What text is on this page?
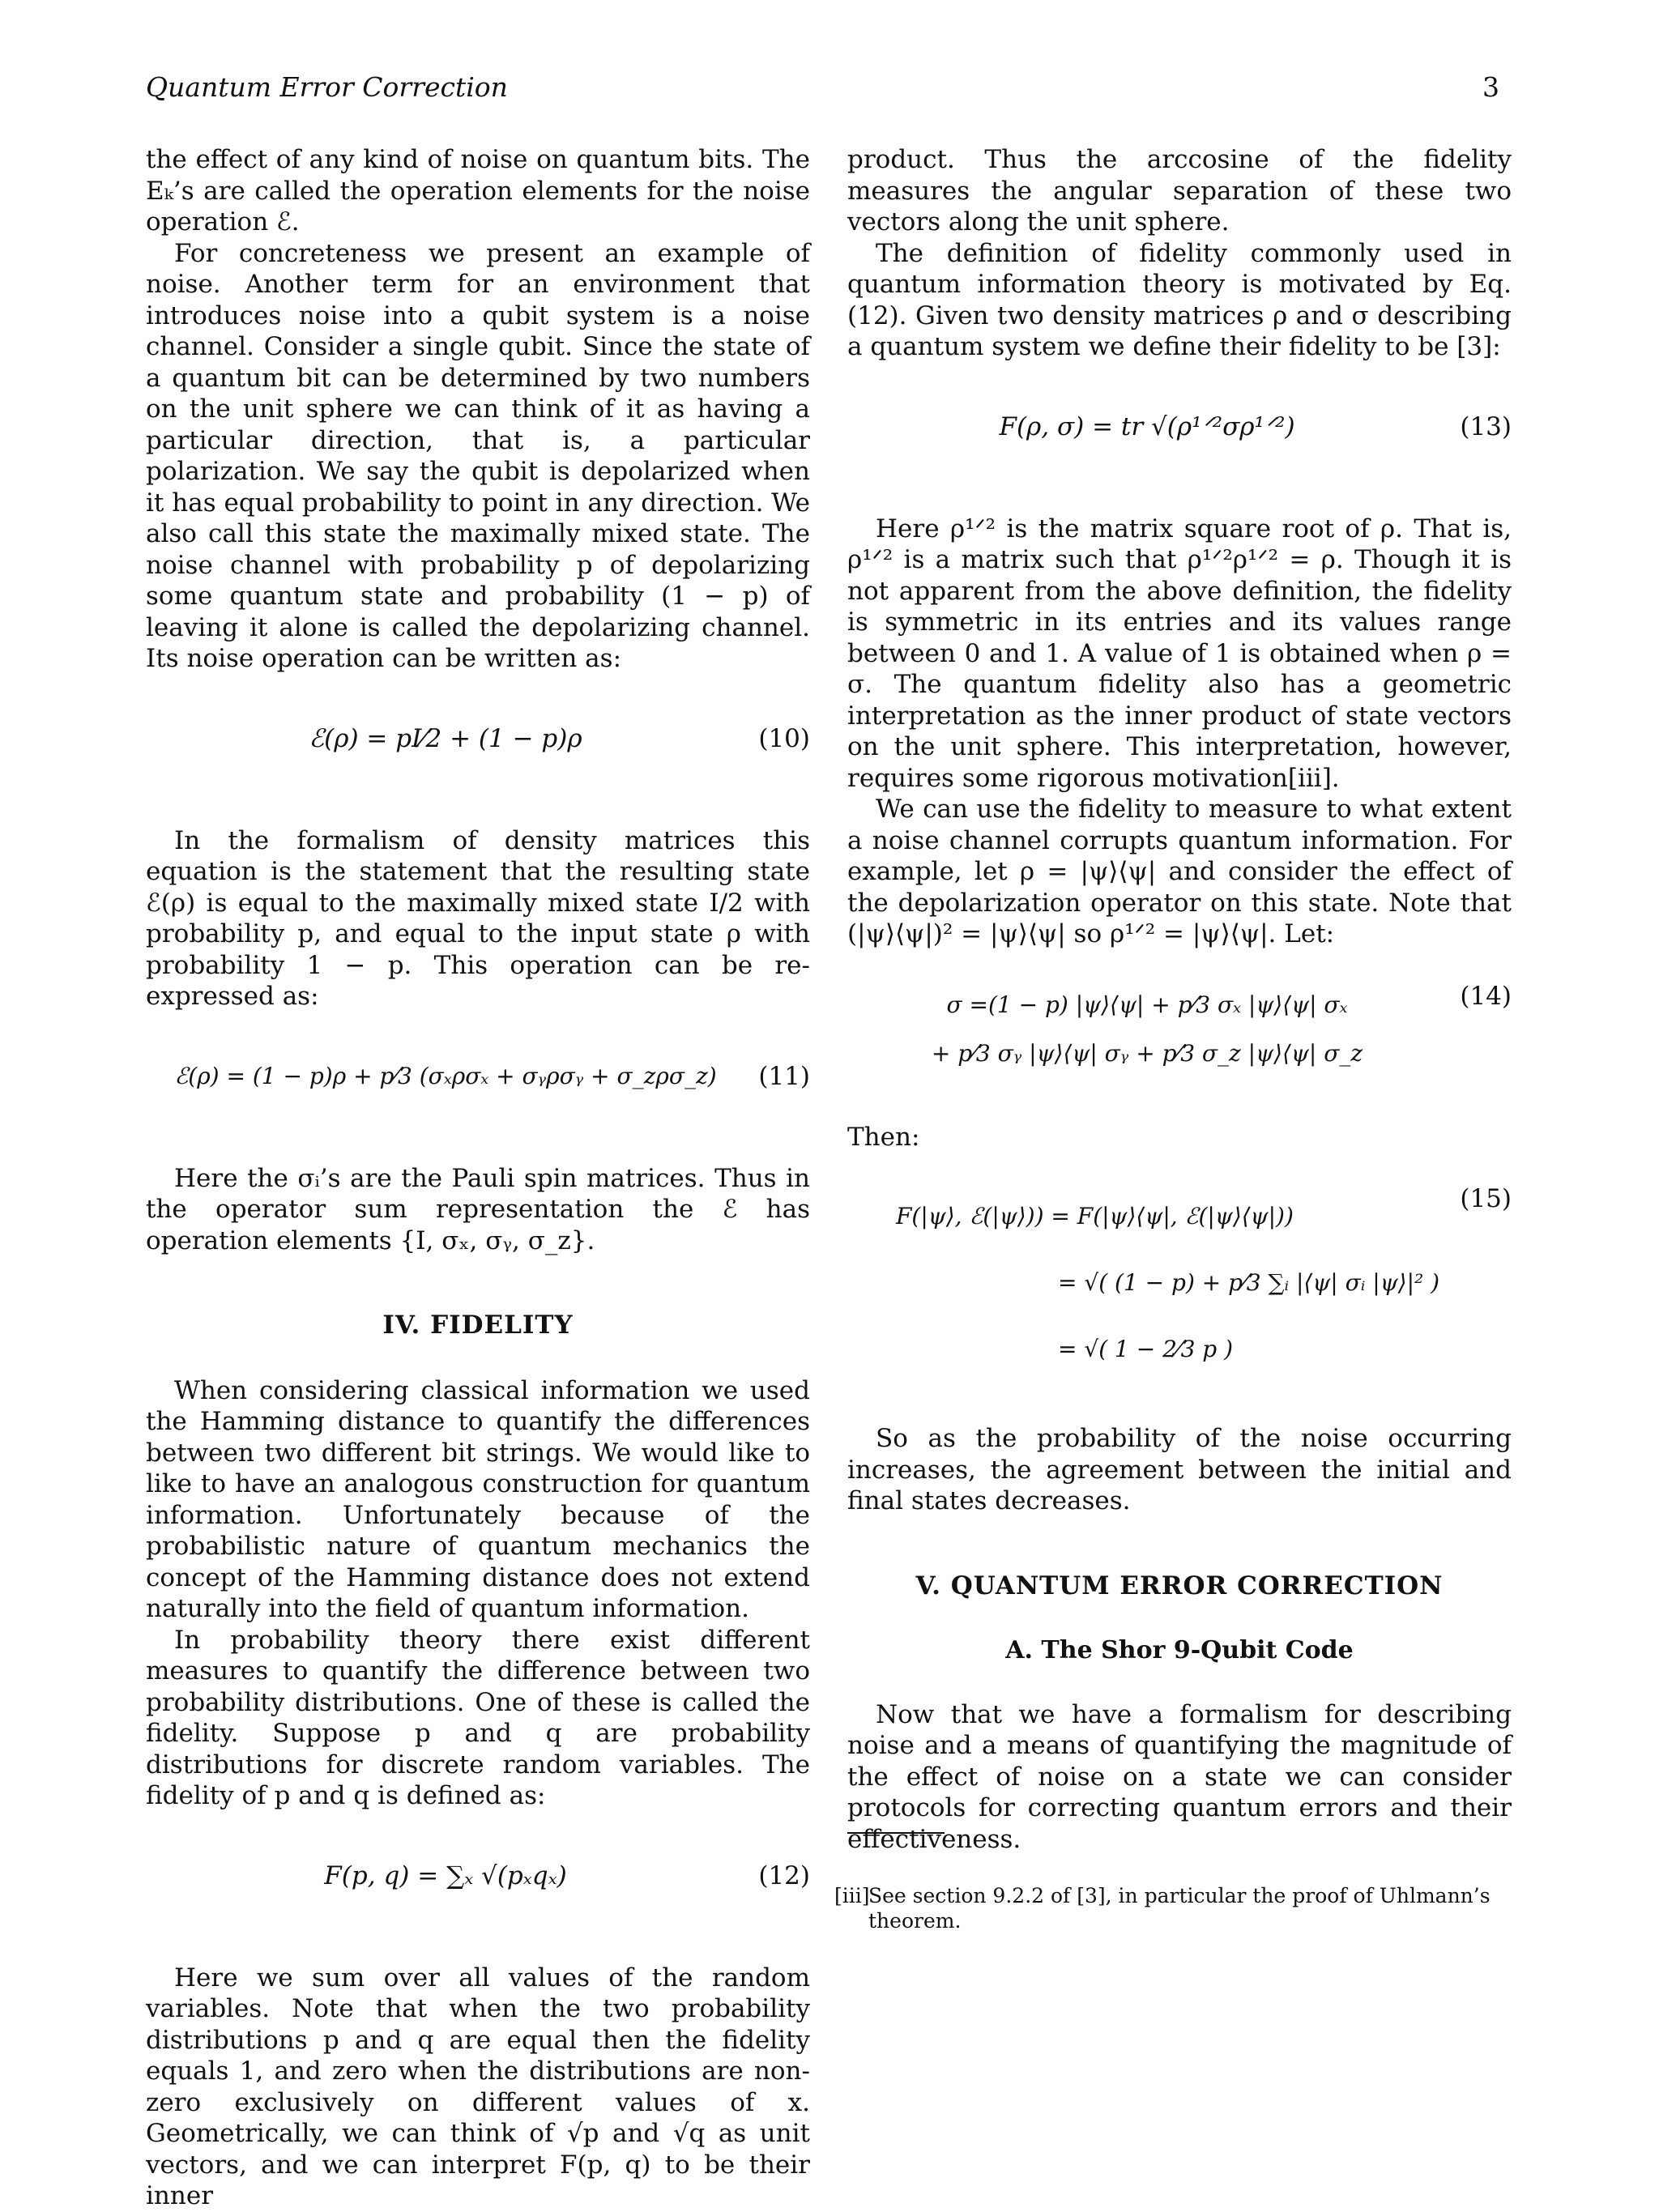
Quantum Error Correction	3

the effect of any kind of noise on quantum bits. The Eₖ’s are called the operation elements for the noise operation ℰ.

For concreteness we present an example of noise. Another term for an environment that introduces noise into a qubit system is a noise channel. Consider a single qubit. Since the state of a quantum bit can be determined by two numbers on the unit sphere we can think of it as having a particular direction, that is, a particular polarization. We say the qubit is depolarized when it has equal probability to point in any direction. We also call this state the maximally mixed state. The noise channel with probability p of depolarizing some quantum state and probability (1 − p) of leaving it alone is called the depolarizing channel. Its noise operation can be written as:

ℰ(ρ) = pI⁄2 + (1 − p)ρ	(10)

In the formalism of density matrices this equation is the statement that the resulting state ℰ(ρ) is equal to the maximally mixed state I/2 with probability p, and equal to the input state ρ with probability 1 − p. This operation can be re-expressed as:

ℰ(ρ) = (1 − p)ρ + p⁄3 (σₓρσₓ + σᵧρσᵧ + σ_zρσ_z)	(11)

Here the σᵢ’s are the Pauli spin matrices. Thus in the operator sum representation the ℰ has operation elements {I, σₓ, σᵧ, σ_z}.

IV. FIDELITY

When considering classical information we used the Hamming distance to quantify the differences between two different bit strings. We would like to like to have an analogous construction for quantum information. Unfortunately because of the probabilistic nature of quantum mechanics the concept of the Hamming distance does not extend naturally into the field of quantum information.

In probability theory there exist different measures to quantify the difference between two probability distributions. One of these is called the fidelity. Suppose p and q are probability distributions for discrete random variables. The fidelity of p and q is defined as:

F(p, q) = ∑ₓ √(pₓqₓ)	(12)

Here we sum over all values of the random variables. Note that when the two probability distributions p and q are equal then the fidelity equals 1, and zero when the distributions are non-zero exclusively on different values of x. Geometrically, we can think of √p and √q as unit vectors, and we can interpret F(p, q) to be their inner

product. Thus the arccosine of the fidelity measures the angular separation of these two vectors along the unit sphere.

The definition of fidelity commonly used in quantum information theory is motivated by Eq. (12). Given two density matrices ρ and σ describing a quantum system we define their fidelity to be [3]:

F(ρ, σ) = tr √(ρ¹ᐟ²σρ¹ᐟ²)	(13)

Here ρ¹ᐟ² is the matrix square root of ρ. That is, ρ¹ᐟ² is a matrix such that ρ¹ᐟ²ρ¹ᐟ² = ρ. Though it is not apparent from the above definition, the fidelity is symmetric in its entries and its values range between 0 and 1. A value of 1 is obtained when ρ = σ. The quantum fidelity also has a geometric interpretation as the inner product of state vectors on the unit sphere. This interpretation, however, requires some rigorous motivation[iii].

We can use the fidelity to measure to what extent a noise channel corrupts quantum information. For example, let ρ = |ψ⟩⟨ψ| and consider the effect of the depolarization operator on this state. Note that (|ψ⟩⟨ψ|)² = |ψ⟩⟨ψ| so ρ¹ᐟ² = |ψ⟩⟨ψ|. Let:

σ =(1 − p) |ψ⟩⟨ψ| + p⁄3 σₓ |ψ⟩⟨ψ| σₓ
+ p⁄3 σᵧ |ψ⟩⟨ψ| σᵧ + p⁄3 σ_z |ψ⟩⟨ψ| σ_z
(14)

Then:

F(|ψ⟩, ℰ(|ψ⟩)) = F(|ψ⟩⟨ψ|, ℰ(|ψ⟩⟨ψ|))
= √( (1 − p) + p⁄3 ∑ᵢ |⟨ψ| σᵢ |ψ⟩|² )
= √( 1 − 2⁄3 p )
(15)

So as the probability of the noise occurring increases, the agreement between the initial and final states decreases.

V. QUANTUM ERROR CORRECTION
A. The Shor 9-Qubit Code

Now that we have a formalism for describing noise and a means of quantifying the magnitude of the effect of noise on a state we can consider protocols for correcting quantum errors and their effectiveness.

[iii]See section 9.2.2 of [3], in particular the proof of Uhlmann’s
theorem.
